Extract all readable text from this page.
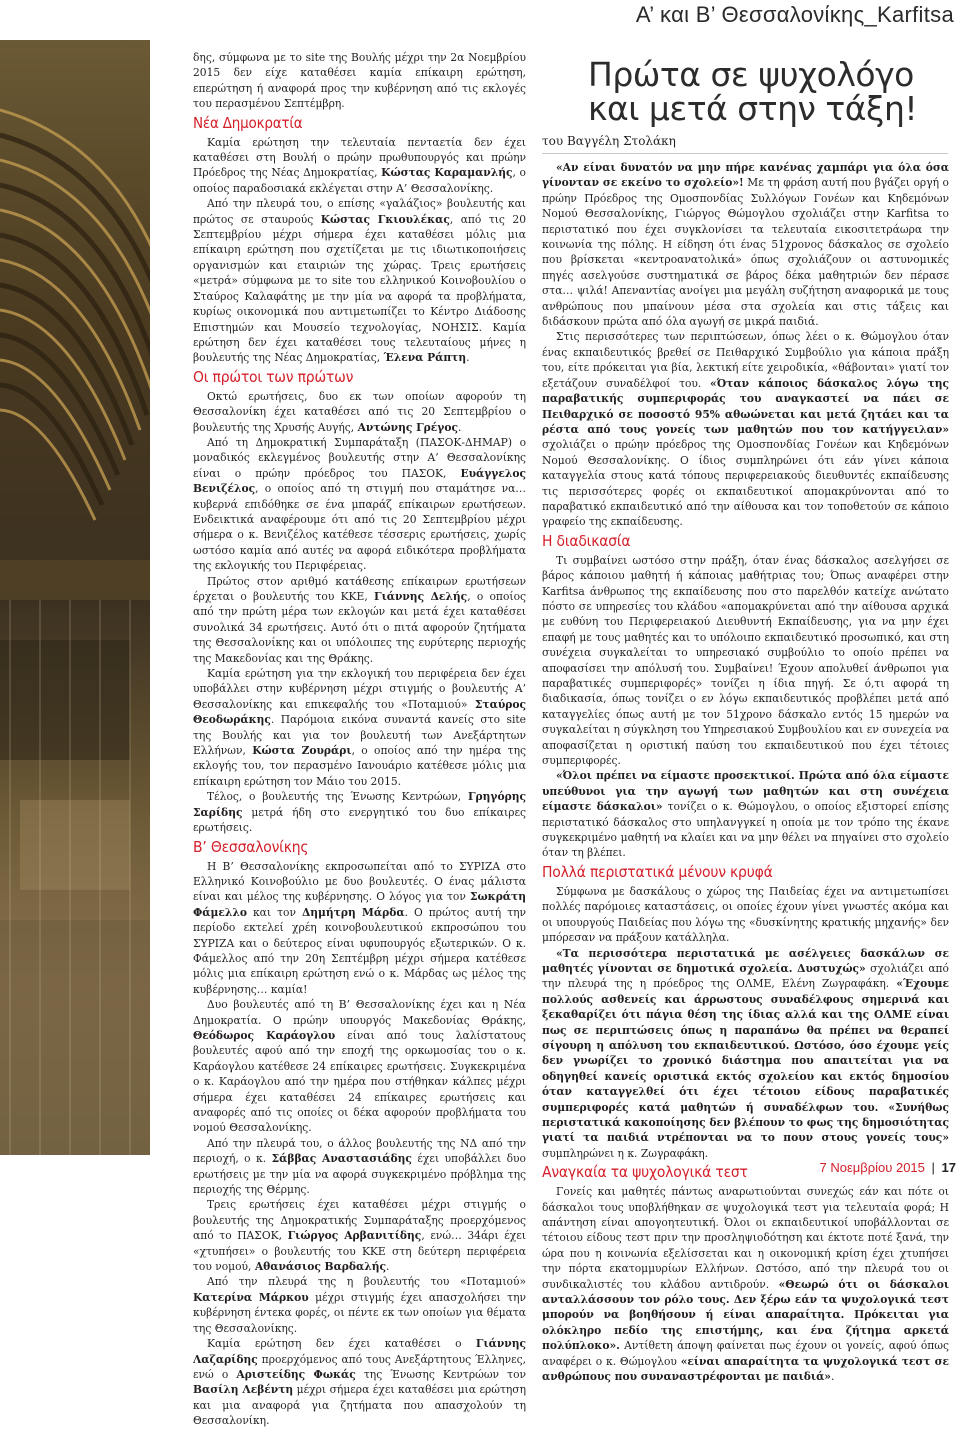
Α’ και Β’ Θεσσαλονίκης_Karfitsa

δης, σύμφωνα με το site της Βουλής μέχρι την 2α Νοεμβρίου 2015 δεν είχε καταθέσει καμία επίκαιρη ερώτηση, επερώτηση ή αναφορά προς την κυβέρνηση από τις εκλογές του περασμένου Σεπτέμβρη.

Νέα Δημοκρατία

Καμία ερώτηση την τελευταία πενταετία δεν έχει καταθέσει στη Βουλή ο πρώην πρωθυπουργός και πρώην Πρόεδρος της Νέας Δημοκρατίας, Κώστας Καραμανλής, ο οποίος παραδοσιακά εκλέγεται στην Α’ Θεσσαλονίκης.

Από την πλευρά του, ο επίσης «γαλάζιος» βουλευτής και πρώτος σε σταυρούς Κώστας Γκιουλέκας, από τις 20 Σεπτεμβρίου μέχρι σήμερα έχει καταθέσει μόλις μια επίκαιρη ερώτηση που σχετίζεται με τις ιδιωτικοποιήσεις οργανισμών και εταιριών της χώρας. Τρεις ερωτήσεις «μετρά» σύμφωνα με το site του ελληνικού Κοινοβουλίου ο Σταύρος Καλαφάτης με την μία να αφορά τα προβλήματα, κυρίως οικονομικά που αντιμετωπίζει το Κέντρο Διάδοσης Επιστημών και Μουσείο τεχνολογίας, ΝΟΗΣΙΣ. Καμία ερώτηση δεν έχει καταθέσει τους τελευταίους μήνες η βουλευτής της Νέας Δημοκρατίας, Έλενα Ράπτη.

Οι πρώτοι των πρώτων

Οκτώ ερωτήσεις, δυο εκ των οποίων αφορούν τη Θεσσαλονίκη έχει καταθέσει από τις 20 Σεπτεμβρίου ο βουλευτής της Χρυσής Αυγής, Αντώνης Γρέγος.

Από τη Δημοκρατική Συμπαράταξη (ΠΑΣΟΚ-ΔΗΜΑΡ) ο μοναδικός εκλεγμένος βουλευτής στην Α’ Θεσσαλονίκης είναι ο πρώην πρόεδρος του ΠΑΣΟΚ, Ευάγγελος Βενιζέλος, ο οποίος από τη στιγμή που σταμάτησε να… κυβερνά επιδόθηκε σε ένα μπαράζ επίκαιρων ερωτήσεων. Ενδεικτικά αναφέρουμε ότι από τις 20 Σεπτεμβρίου μέχρι σήμερα ο κ. Βενιζέλος κατέθεσε τέσσερις ερωτήσεις, χωρίς ωστόσο καμία από αυτές να αφορά ειδικότερα προβλήματα της εκλογικής του Περιφέρειας.

Πρώτος στον αριθμό κατάθεσης επίκαιρων ερωτήσεων έρχεται ο βουλευτής του ΚΚΕ, Γιάννης Δελής, ο οποίος από την πρώτη μέρα των εκλογών και μετά έχει καταθέσει συνολικά 34 ερωτήσεις. Αυτό ότι ο πιτά αφορούν ζητήματα της Θεσσαλονίκης και οι υπόλοιπες της ευρύτερης περιοχής της Μακεδονίας και της Θράκης.

Καμία ερώτηση για την εκλογική του περιφέρεια δεν έχει υποβάλλει στην κυβέρνηση μέχρι στιγμής ο βουλευτής Α’ Θεσσαλονίκης και επικεφαλής του «Ποταμιού» Σταύρος Θεοδωράκης. Παρόμοια εικόνα συναντά κανείς στο site της Βουλής και για τον βουλευτή των Ανεξάρτητων Ελλήνων, Κώστα Ζουράρι, ο οποίος από την ημέρα της εκλογής του, τον περασμένο Ιανουάριο κατέθεσε μόλις μια επίκαιρη ερώτηση τον Μάιο του 2015.

Τέλος, ο βουλευτής της Ένωσης Κεντρώων, Γρηγόρης Σαρίδης μετρά ήδη στο ενεργητικό του δυο επίκαιρες ερωτήσεις.

Β’ Θεσσαλονίκης

Η Β’ Θεσσαλονίκης εκπροσωπείται από το ΣΥΡΙΖΑ στο Ελληνικό Κοινοβούλιο με δυο βουλευτές. Ο ένας μάλιστα είναι και μέλος της κυβέρνησης. Ο λόγος για τον Σωκράτη Φάμελλο και τον Δημήτρη Μάρδα. Ο πρώτος αυτή την περίοδο εκτελεί χρέη κοινοβουλευτικού εκπροσώπου του ΣΥΡΙΖΑ και ο δεύτερος είναι υφυπουργός εξωτερικών. Ο κ. Φάμελλος από την 20η Σεπτέμβρη μέχρι σήμερα κατέθεσε μόλις μια επίκαιρη ερώτηση ενώ ο κ. Μάρδας ως μέλος της κυβέρνησης… καμία!

Δυο βουλευτές από τη Β’ Θεσσαλονίκης έχει και η Νέα Δημοκρατία. Ο πρώην υπουργός Μακεδονίας Θράκης, Θεόδωρος Καράογλου είναι από τους λαλίστατους βουλευτές αφού από την εποχή της ορκωμοσίας του ο κ. Καράογλου κατέθεσε 24 επίκαιρες ερωτήσεις. Συγκεκριμένα ο κ. Καράογλου από την ημέρα που στήθηκαν κάλπες μέχρι σήμερα έχει καταθέσει 24 επίκαιρες ερωτήσεις και αναφορές από τις οποίες οι δέκα αφορούν προβλήματα του νομού Θεσσαλονίκης.

Από την πλευρά του, ο άλλος βουλευτής της ΝΔ από την περιοχή, ο κ. Σάββας Αναστασιάδης έχει υποβάλλει δυο ερωτήσεις με την μία να αφορά συγκεκριμένο πρόβλημα της περιοχής της Θέρμης.

Τρεις ερωτήσεις έχει καταθέσει μέχρι στιγμής ο βουλευτής της Δημοκρατικής Συμπαράταξης προερχόμενος από το ΠΑΣΟΚ, Γιώργος Αρβανιτίδης, ενώ… 34άρι έχει «χτυπήσει» ο βουλευτής του ΚΚΕ στη δεύτερη περιφέρεια του νομού, Αθανάσιος Βαρδαλής.

Από την πλευρά της η βουλευτής του «Ποταμιού» Κατερίνα Μάρκου μέχρι στιγμής έχει απασχολήσει την κυβέρνηση έντεκα φορές, οι πέντε εκ των οποίων για θέματα της Θεσσαλονίκης.

Καμία ερώτηση δεν έχει καταθέσει ο Γιάννης Λαζαρίδης προερχόμενος από τους Ανεξάρτητους Έλληνες, ενώ ο Αριστείδης Φωκάς της Ένωσης Κεντρώων τον Βασίλη Λεβέντη μέχρι σήμερα έχει καταθέσει μια ερώτηση και μια αναφορά για ζητήματα που απασχολούν τη Θεσσαλονίκη.

Πρώτα σε ψυχολόγο και μετά στην τάξη!
του Βαγγέλη Στολάκη

«Αν είναι δυνατόν να μην πήρε κανένας χαμπάρι για όλα όσα γίνονταν σε εκείνο το σχολείο»! Με τη φράση αυτή που βγάζει οργή ο πρώην Πρόεδρος της Ομοσπονδίας Συλλόγων Γονέων και Κηδεμόνων Νομού Θεσσαλονίκης, Γιώργος Θώμογλου σχολιάζει στην Karfitsa το περιστατικό που έχει συγκλονίσει τα τελευταία εικοσιτετράωρα την κοινωνία της πόλης. Η είδηση ότι ένας 51χρονος δάσκαλος σε σχολείο που βρίσκεται «κεντροανατολικά» όπως σχολιάζουν οι αστυνομικές πηγές ασελγούσε συστηματικά σε βάρος δέκα μαθητριών δεν πέρασε στα… ψιλά! Απεναντίας ανοίγει μια μεγάλη συζήτηση αναφορικά με τους ανθρώπους που μπαίνουν μέσα στα σχολεία και στις τάξεις και διδάσκουν πρώτα από όλα αγωγή σε μικρά παιδιά.

Στις περισσότερες των περιπτώσεων, όπως λέει ο κ. Θώμογλου όταν ένας εκπαιδευτικός βρεθεί σε Πειθαρχικό Συμβούλιο για κάποια πράξη του, είτε πρόκειται για βία, λεκτική είτε χειροδικία, «θάβονται» γιατί τον εξετάζουν συναδέλφοί του. «Όταν κάποιος δάσκαλος λόγω της παραβατικής συμπεριφοράς του αναγκαστεί να πάει σε Πειθαρχικό σε ποσοστό 95% αθωώνεται και μετά ζητάει και τα ρέστα από τους γονείς των μαθητών που τον κατήγγειλαν» σχολιάζει ο πρώην πρόεδρος της Ομοσπονδίας Γονέων και Κηδεμόνων Νομού Θεσσαλονίκης. Ο ίδιος συμπληρώνει ότι εάν γίνει κάποια καταγγελία στους κατά τόπους περιφερειακούς διευθυντές εκπαίδευσης τις περισσότερες φορές οι εκπαιδευτικοί απομακρύνονται από το παραβατικό εκπαιδευτικό από την αίθουσα και τον τοποθετούν σε κάποιο γραφείο της εκπαίδευσης.

Η διαδικασία

Τι συμβαίνει ωστόσο στην πράξη, όταν ένας δάσκαλος ασελγήσει σε βάρος κάποιου μαθητή ή κάποιας μαθήτριας του; Όπως αναφέρει στην Karfitsa άνθρωπος της εκπαίδευσης που στο παρελθόν κατείχε ανώτατο πόστο σε υπηρεσίες του κλάδου «απομακρύνεται από την αίθουσα αρχικά με ευθύνη του Περιφερειακού Διευθυντή Εκπαίδευσης, για να μην έχει επαφή με τους μαθητές και το υπόλοιπο εκπαιδευτικό προσωπικό, και στη συνέχεια συγκαλείται το υπηρεσιακό συμβούλιο το οποίο πρέπει να αποφασίσει την απόλυσή του. Συμβαίνει! Έχουν απολυθεί άνθρωποι για παραβατικές συμπεριφορές» τονίζει η ίδια πηγή. Σε ό,τι αφορά τη διαδικασία, όπως τονίζει ο εν λόγω εκπαιδευτικός προβλέπει μετά από καταγγελίες όπως αυτή με τον 51χρονο δάσκαλο εντός 15 ημερών να συγκαλείται η σύγκληση του Υπηρεσιακού Συμβουλίου και εν συνεχεία να αποφασίζεται η οριστική παύση του εκπαιδευτικού που έχει τέτοιες συμπεριφορές.

«Όλοι πρέπει να είμαστε προσεκτικοί. Πρώτα από όλα είμαστε υπεύθυνοι για την αγωγή των μαθητών και στη συνέχεια είμαστε δάσκαλοι» τονίζει ο κ. Θώμογλου, ο οποίος εξιστορεί επίσης περιστατικό δάσκαλος στο υπηλανγγκεί η οποία με τον τρόπο της έκανε συγκεκριμένο μαθητή να κλαίει και να μην θέλει να πηγαίνει στο σχολείο όταν τη βλέπει.

Πολλά περιστατικά μένουν κρυφά

Σύμφωνα με δασκάλους ο χώρος της Παιδείας έχει να αντιμετωπίσει πολλές παρόμοιες καταστάσεις, οι οποίες έχουν γίνει γνωστές ακόμα και οι υπουργούς Παιδείας που λόγω της «δυσκίνητης κρατικής μηχανής» δεν μπόρεσαν να πράξουν κατάλληλα.

«Τα περισσότερα περιστατικά με ασέλγειες δασκάλων σε μαθητές γίνονται σε δημοτικά σχολεία. Δυστυχώς» σχολιάζει από την πλευρά της η πρόεδρος της ΟΛΜΕ, Ελένη Ζωγραφάκη. «Έχουμε πολλούς ασθενείς και άρρωστους συναδέλφους σημερινά και ξεκαθαρίζει ότι πάγια θέση της ίδιας αλλά και της ΟΛΜΕ είναι πως σε περιπτώσεις όπως η παραπάνω θα πρέπει να θεραπεί σίγουρη η απόλυση του εκπαιδευτικού. Ωστόσο, όσο έχουμε γείς δεν γνωρίζει το χρονικό διάστημα που απαιτείται για να οδηγηθεί κανείς οριστικά εκτός σχολείου και εκτός δημοσίου όταν καταγγελθεί ότι έχει τέτοιου είδους παραβατικές συμπεριφορές κατά μαθητών ή συναδέλφων του. «Συνήθως περιστατικά κακοποίησης δεν βλέπουν το φως της δημοσιότητας γιατί τα παιδιά ντρέπονται να το πουν στους γονείς τους» συμπληρώνει η κ. Ζωγραφάκη.

Αναγκαία τα ψυχολογικά τεστ

Γονείς και μαθητές πάντως αναρωτιούνται συνεχώς εάν και πότε οι δάσκαλοι τους υποβλήθηκαν σε ψυχολογικά τεστ για τελευταία φορά; Η απάντηση είναι απογοητευτική. Όλοι οι εκπαιδευτικοί υποβάλλονται σε τέτοιου είδους τεστ πριν την προσληψιοδότηση και έκτοτε ποτέ ξανά, την ώρα που η κοινωνία εξελίσσεται και η οικονομική κρίση έχει χτυπήσει την πόρτα εκατομμυρίων Ελλήνων. Ωστόσο, από την πλευρά του οι συνδικαλιστές του κλάδου αντιδρούν. «Θεωρώ ότι οι δάσκαλοι ανταλλάσσουν τον ρόλο τους. Δεν ξέρω εάν τα ψυχολογικά τεστ μπορούν να βοηθήσουν ή είναι απαραίτητα. Πρόκειται για ολόκληρο πεδίο της επιστήμης, και ένα ζήτημα αρκετά πολύπλοκο». Αντίθετη άποψη φαίνεται πως έχουν οι γονείς, αφού όπως αναφέρει ο κ. Θώμογλου «είναι απαραίτητα τα ψυχολογικά τεστ σε ανθρώπους που συναναστρέφονται με παιδιά».

7 Νοεμβρίου 2015 | 17
